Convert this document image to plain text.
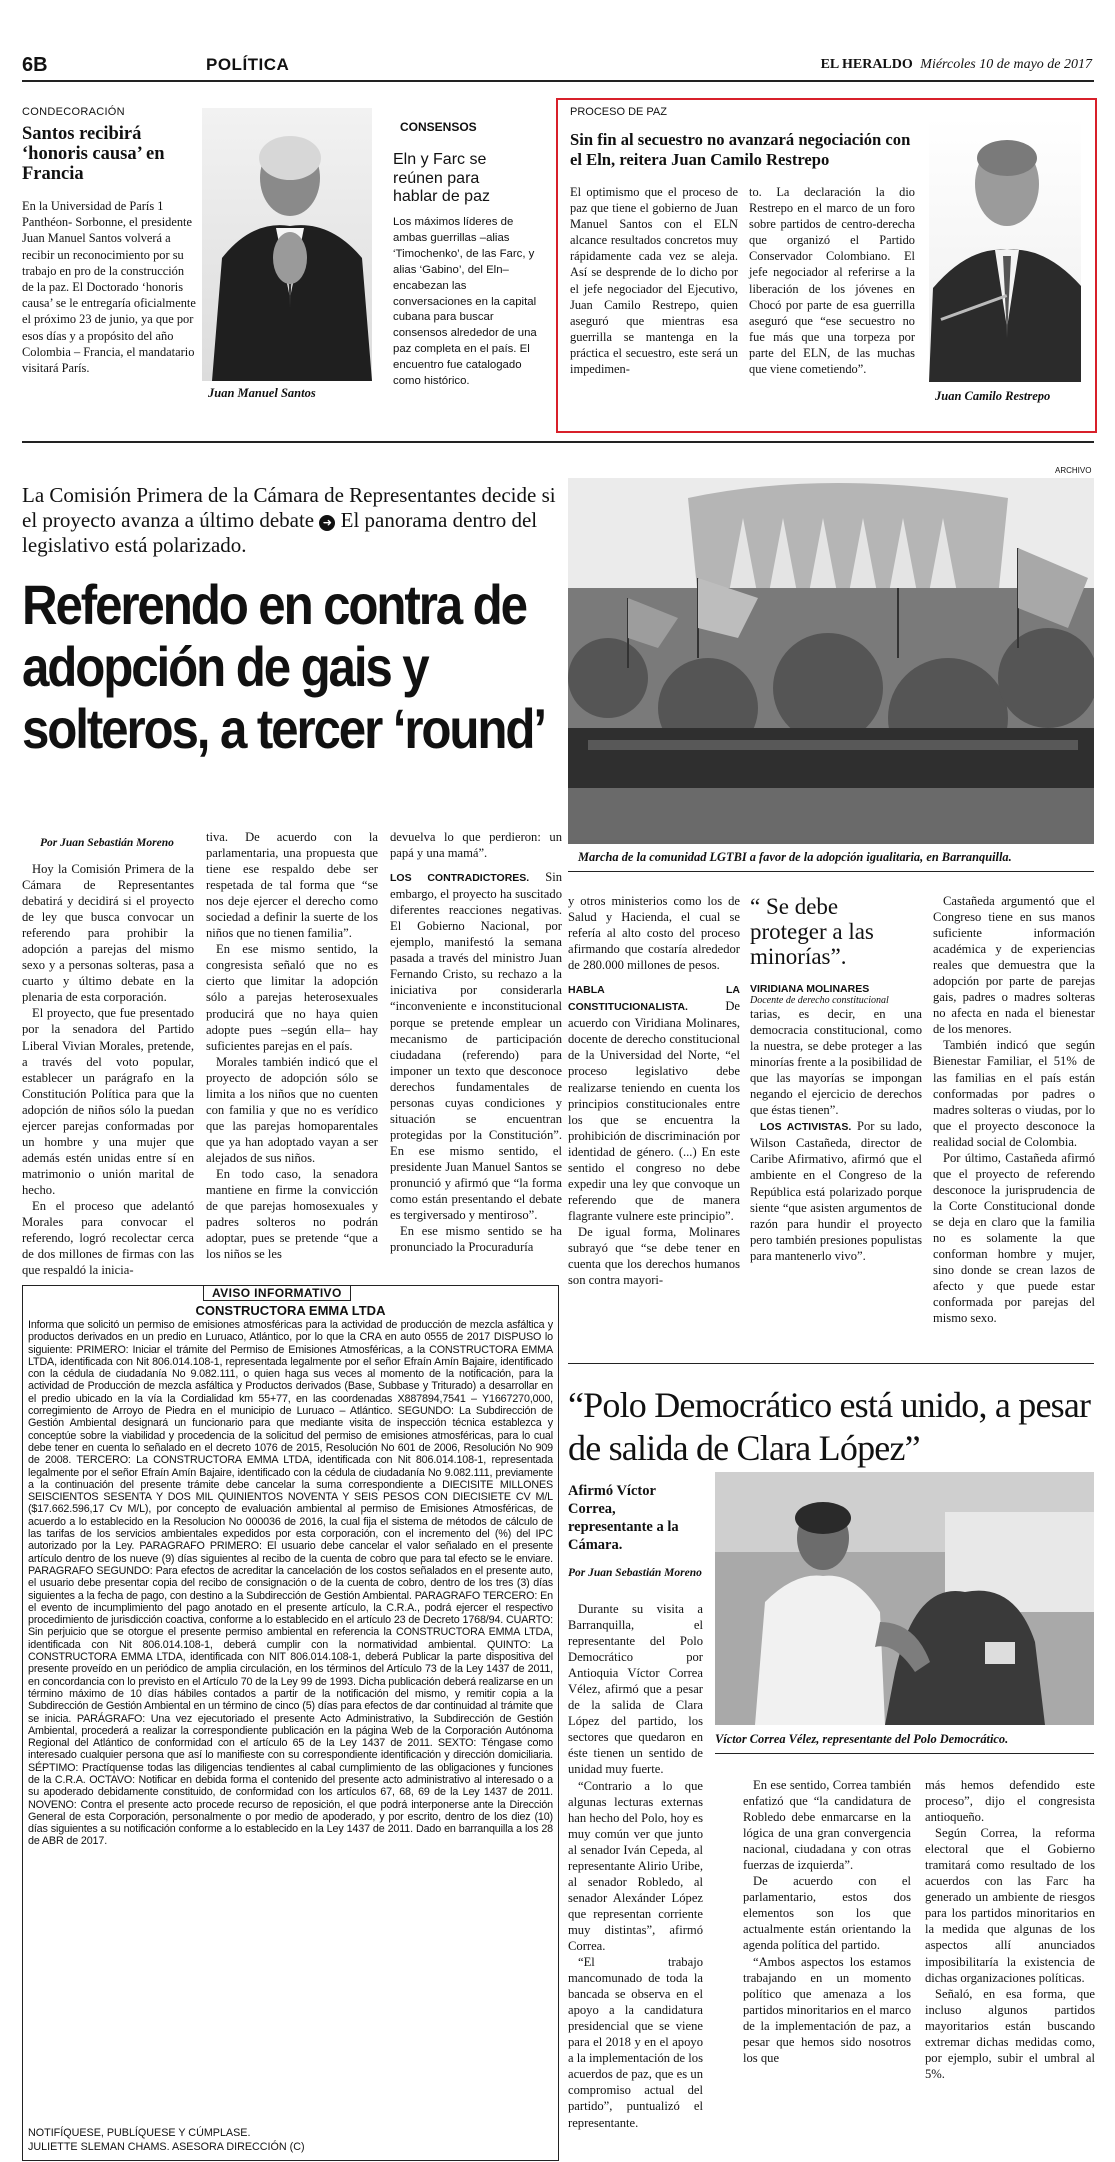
6B	POLÍTICA	EL HERALDO Miércoles 10 de mayo de 2017
CONDECORACIÓN
Santos recibirá ‘honoris causa’ en Francia
En la Universidad de París 1 Panthéon- Sorbonne, el presidente Juan Manuel Santos volverá a recibir un reconocimiento por su trabajo en pro de la construcción de la paz. El Doctorado ‘honoris causa’ se le entregaría oficialmente el próximo 23 de junio, ya que por esos días y a propósito del año Colombia – Francia, el mandatario visitará París.
Juan Manuel Santos
CONSENSOS
Eln y Farc se reúnen para hablar de paz
Los máximos líderes de ambas guerrillas –alias ‘Timochenko’, de las Farc, y alias ‘Gabino’, del Eln– encabezan las conversaciones en la capital cubana para buscar consensos alrededor de una paz completa en el país. El encuentro fue catalogado como histórico.
PROCESO DE PAZ
Sin fin al secuestro no avanzará negociación con el Eln, reitera Juan Camilo Restrepo
El optimismo que el proceso de paz que tiene el gobierno de Juan Manuel Santos con el ELN alcance resultados concretos muy rápidamente cada vez se aleja. Así se desprende de lo dicho por el jefe negociador del Ejecutivo, Juan Camilo Restrepo, quien aseguró que mientras esa guerrilla se mantenga en la práctica el secuestro, este será un impedimen-
to. La declaración la dio Restrepo en el marco de un foro sobre partidos de centro-derecha que organizó el Partido Conservador Colombiano. El jefe negociador al referirse a la liberación de los jóvenes en Chocó por parte de esa guerrilla aseguró que “ese secuestro no fue más que una torpeza por parte del ELN, de las muchas que viene cometiendo”.
Juan Camilo Restrepo
La Comisión Primera de la Cámara de Representantes decide si el proyecto avanza a último debate ➜ El panorama dentro del legislativo está polarizado.
Referendo en contra de adopción de gais y solteros, a tercer ‘round’
ARCHIVO
Marcha de la comunidad LGTBI a favor de la adopción igualitaria, en Barranquilla.
Por Juan Sebastián Moreno

Hoy la Comisión Primera de la Cámara de Representantes debatirá y decidirá si el proyecto de ley que busca convocar un referendo para prohibir la adopción a parejas del mismo sexo y a personas solteras, pasa a cuarto y último debate en la plenaria de esta corporación.

El proyecto, que fue presentado por la senadora del Partido Liberal Vivian Morales, pretende, a través del voto popular, establecer un parágrafo en la Constitución Política para que la adopción de niños sólo la puedan ejercer parejas conformadas por un hombre y una mujer que además estén unidas entre sí en matrimonio o unión marital de hecho.

En el proceso que adelantó Morales para convocar el referendo, logró recolectar cerca de dos millones de firmas con las que respaldó la inicia-

tiva. De acuerdo con la parlamentaria, una propuesta que tiene ese respaldo debe ser respetada de tal forma que “se nos deje ejercer el derecho como sociedad a definir la suerte de los niños que no tienen familia”.

En ese mismo sentido, la congresista señaló que no es cierto que limitar la adopción sólo a parejas heterosexuales producirá que no haya quien adopte pues –según ella– hay suficientes parejas en el país.

Morales también indicó que el proyecto de adopción sólo se limita a los niños que no cuenten con familia y que no es verídico que las parejas homoparentales que ya han adoptado vayan a ser alejados de sus niños.

En todo caso, la senadora mantiene en firme la convicción de que parejas homosexuales y padres solteros no podrán adoptar, pues se pretende “que a los niños se les

devuelva lo que perdieron: un papá y una mamá”.

LOS CONTRADICTORES. Sin embargo, el proyecto ha suscitado diferentes reacciones negativas. El Gobierno Nacional, por ejemplo, manifestó la semana pasada a través del ministro Juan Fernando Cristo, su rechazo a la iniciativa por considerarla “inconveniente e inconstitucional porque se pretende emplear un mecanismo de participación ciudadana (referendo) para imponer un texto que desconoce derechos fundamentales de personas cuyas condiciones y situación se encuentran protegidas por la Constitución”. En ese mismo sentido, el presidente Juan Manuel Santos se pronunció y afirmó que “la forma como están presentando el debate es tergiversado y mentiroso”.

En ese mismo sentido se ha pronunciado la Procuraduría

y otros ministerios como los de Salud y Hacienda, el cual se refería al alto costo del proceso afirmando que costaría alrededor de 280.000 millones de pesos.

HABLA LA CONSTITUCIONALISTA.	De acuerdo con Viridiana Molinares, docente de derecho constitucional de la Universidad del Norte, “el proceso legislativo debe realizarse teniendo en cuenta los principios constitucionales entre los que se encuentra la prohibición de discriminación por identidad de género. (...) En este sentido el congreso no debe expedir una ley que convoque un referendo que de manera flagrante vulnere este principio”.

De igual forma, Molinares subrayó que “se debe tener en cuenta que los derechos humanos son contra mayori-

“ Se debe proteger a las minorías”.
VIRIDIANA MOLINARES
Docente de derecho constitucional

tarias, es decir, en una democracia constitucional, como la nuestra, se debe proteger a las minorías frente a la posibilidad de que las mayorías se impongan negando el ejercicio de derechos que éstas tienen”.

LOS ACTIVISTAS. Por su lado, Wilson Castañeda, director de Caribe Afirmativo, afirmó que el ambiente en el Congreso de la República está polarizado porque siente “que asisten argumentos de razón para hundir el proyecto pero también presiones populistas para mantenerlo vivo”.

Castañeda argumentó que el Congreso tiene en sus manos suficiente información académica y de experiencias reales que demuestra que la adopción por parte de parejas gais, padres o madres solteras no afecta en nada el bienestar de los menores.

También indicó que según Bienestar Familiar, el 51% de las familias en el país están conformadas por padres o madres solteras o viudas, por lo que el proyecto desconoce la realidad social de Colombia.

Por último, Castañeda afirmó que el proyecto de referendo desconoce la jurisprudencia de la Corte Constitucional donde se deja en claro que la familia no es solamente la que conforman hombre y mujer, sino donde se crean lazos de afecto y que puede estar conformada por parejas del mismo sexo.

AVISO INFORMATIVO
CONSTRUCTORA EMMA LTDA
Informa que solicitó un permiso de emisiones atmosféricas para la actividad de producción de mezcla asfáltica y productos derivados en un predio en Luruaco, Atlántico, por lo que la CRA en auto 0555 de 2017 DISPUSO lo siguiente: PRIMERO: Iniciar el trámite del Permiso de Emisiones Atmosféricas, a la CONSTRUCTORA EMMA LTDA, identificada con Nit 806.014.108-1, representada legalmente por el señor Efraín Amín Bajaire, identificado con la cédula de ciudadanía No 9.082.111, o quien haga sus veces al momento de la notificación, para la actividad de Producción de mezcla asfáltica y Productos derivados (Base, Subbase y Triturado) a desarrollar en el predio ubicado en la vía la Cordialidad km 55+77, en las coordenadas X887894,7541 – Y1667270,000, corregimiento de Arroyo de Piedra en el municipio de Luruaco – Atlántico. SEGUNDO: La Subdirección de Gestión Ambiental designará un funcionario para que mediante visita de inspección técnica establezca y conceptúe sobre la viabilidad y procedencia de la solicitud del permiso de emisiones atmosféricas, para lo cual debe tener en cuenta lo señalado en el decreto 1076 de 2015, Resolución No 601 de 2006, Resolución No 909 de 2008. TERCERO: La CONSTRUCTORA EMMA LTDA, identificada con Nit 806.014.108-1, representada legalmente por el señor Efraín Amín Bajaire, identificado con la cédula de ciudadanía No 9.082.111, previamente a la continuación del presente trámite debe cancelar la suma correspondiente a DIECISITE MILLONES SEISCIENTOS SESENTA Y DOS MIL QUINIENTOS NOVENTA Y SEIS PESOS CON DIECISIETE CV M/L ($17.662.596,17 Cv M/L), por concepto de evaluación ambiental al permiso de Emisiones Atmosféricas, de acuerdo a lo establecido en la Resolucion No 000036 de 2016, la cual fija el sistema de métodos de cálculo de las tarifas de los servicios ambientales expedidos por esta corporación, con el incremento del (%) del IPC autorizado por la Ley. PARAGRAFO PRIMERO: El usuario debe cancelar el valor señalado en el presente artículo dentro de los nueve (9) días siguientes al recibo de la cuenta de cobro que para tal efecto se le enviare. PARAGRAFO SEGUNDO: Para efectos de acreditar la cancelación de los costos señalados en el presente auto, el usuario debe presentar copia del recibo de consignación o de la cuenta de cobro, dentro de los tres (3) días siguientes a la fecha de pago, con destino a la Subdirección de Gestión Ambiental. PARAGRAFO TERCERO: En el evento de incumplimiento del pago anotado en el presente artículo, la C.R.A., podrá ejercer el respectivo procedimiento de jurisdicción coactiva, conforme a lo establecido en el artículo 23 de Decreto 1768/94. CUARTO: Sin perjuicio que se otorgue el presente permiso ambiental en referencia la CONSTRUCTORA EMMA LTDA, identificada con Nit 806.014.108-1, deberá cumplir con la normatividad ambiental. QUINTO: La CONSTRUCTORA EMMA LTDA, identificada con NIT 806.014.108-1, deberá Publicar la parte dispositiva del presente proveído en un periódico de amplia circulación, en los términos del Artículo 73 de la Ley 1437 de 2011, en concordancia con lo previsto en el Artículo 70 de la Ley 99 de 1993. Dicha publicación deberá realizarse en un término máximo de 10 días hábiles contados a partir de la notificación del mismo, y remitir copia a la Subdirección de Gestión Ambiental en un término de cinco (5) días para efectos de dar continuidad al trámite que se inicia. PARÁGRAFO: Una vez ejecutoriado el presente Acto Administrativo, la Subdirección de Gestión Ambiental, procederá a realizar la correspondiente publicación en la página Web de la Corporación Autónoma Regional del Atlántico de conformidad con el artículo 65 de la Ley 1437 de 2011. SEXTO: Téngase como interesado cualquier persona que así lo manifieste con su correspondiente identificación y dirección domiciliaria. SÉPTIMO: Practíquense todas las diligencias tendientes al cabal cumplimiento de las obligaciones y funciones de la C.R.A. OCTAVO: Notificar en debida forma el contenido del presente acto administrativo al interesado o a su apoderado debidamente constituido, de conformidad con los artículos 67, 68, 69 de la Ley 1437 de 2011. NOVENO: Contra el presente acto procede recurso de reposición, el que podrá interponerse ante la Dirección General de esta Corporación, personalmente o por medio de apoderado, y por escrito, dentro de los diez (10) días siguientes a su notificación conforme a lo establecido en la Ley 1437 de 2011. Dado en barranquilla a los 28 de ABR de 2017.
NOTIFÍQUESE, PUBLÍQUESE Y CÚMPLASE.
JULIETTE SLEMAN CHAMS. ASESORA DIRECCIÓN (C)
“Polo Democrático está unido, a pesar de salida de Clara López”
Afirmó Víctor Correa, representante a la Cámara.
Por Juan Sebastián Moreno
Víctor Correa Vélez, representante del Polo Democrático.

Durante su visita a Barranquilla, el representante del Polo Democrático por Antioquia Víctor Correa Vélez, afirmó que a pesar de la salida de Clara López del partido, los sectores que quedaron en éste tienen un sentido de unidad muy fuerte.

“Contrario a lo que algunas lecturas externas han hecho del Polo, hoy es muy común ver que junto al senador Iván Cepeda, al representante Alirio Uribe, al senador Robledo, al senador Alexánder López que representan corriente muy distintas”, afirmó Correa.

“El trabajo mancomunado de toda la bancada se observa en el apoyo a la candidatura presidencial que se viene para el 2018 y en el apoyo a la implementación de los acuerdos de paz, que es un compromiso actual del partido”, puntualizó el representante.

En ese sentido, Correa también enfatizó que “la candidatura de Robledo debe enmarcarse en la lógica de una gran convergencia nacional, ciudadana y con otras fuerzas de izquierda”.

De acuerdo con el parlamentario, estos dos elementos son los que actualmente están orientando la agenda política del partido.

“Ambos aspectos los estamos trabajando en un momento político que amenaza a los partidos minoritarios en el marco de la implementación de paz, a pesar que hemos sido nosotros los que

más hemos defendido este proceso”, dijo el congresista antioqueño.

Según Correa, la reforma electoral que el Gobierno tramitará como resultado de los acuerdos con las Farc ha generado un ambiente de riesgos para los partidos minoritarios en la medida que algunas de los aspectos allí anunciados imposibilitaría la existencia de dichas organizaciones políticas.

Señaló, en esa forma, que incluso algunos partidos mayoritarios están buscando extremar dichas medidas como, por ejemplo, subir el umbral al 5%.
